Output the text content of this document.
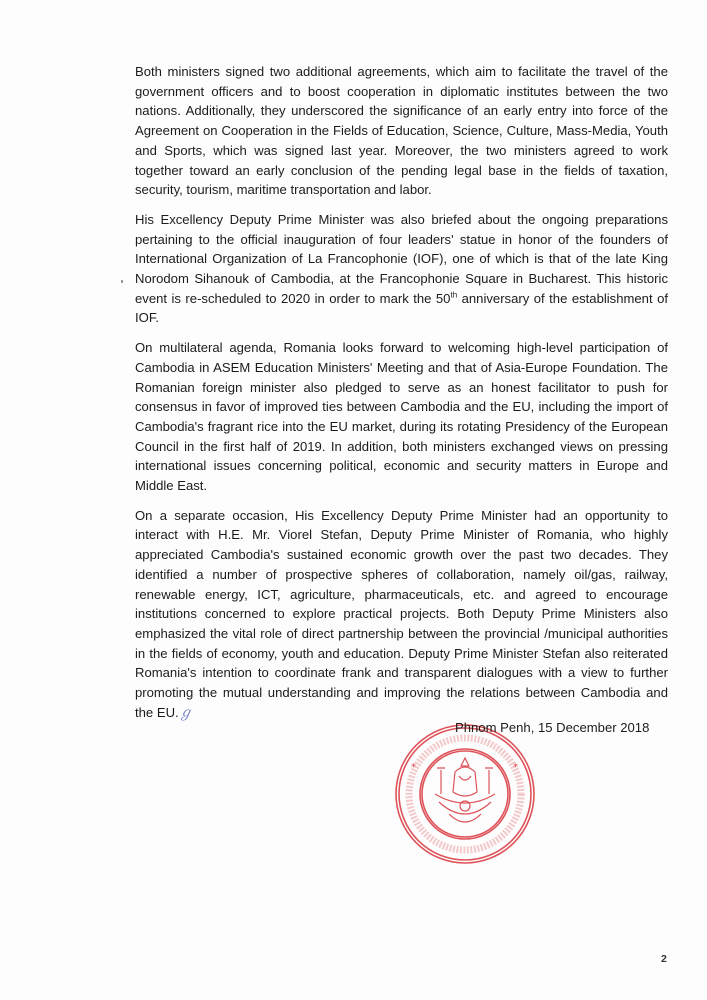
Both ministers signed two additional agreements, which aim to facilitate the travel of the government officers and to boost cooperation in diplomatic institutes between the two nations. Additionally, they underscored the significance of an early entry into force of the Agreement on Cooperation in the Fields of Education, Science, Culture, Mass-Media, Youth and Sports, which was signed last year. Moreover, the two ministers agreed to work together toward an early conclusion of the pending legal base in the fields of taxation, security, tourism, maritime transportation and labor.

His Excellency Deputy Prime Minister was also briefed about the ongoing preparations pertaining to the official inauguration of four leaders' statue in honor of the founders of International Organization of La Francophonie (IOF), one of which is that of the late King Norodom Sihanouk of Cambodia, at the Francophonie Square in Bucharest. This historic event is re-scheduled to 2020 in order to mark the 50th anniversary of the establishment of IOF.

On multilateral agenda, Romania looks forward to welcoming high-level participation of Cambodia in ASEM Education Ministers' Meeting and that of Asia-Europe Foundation. The Romanian foreign minister also pledged to serve as an honest facilitator to push for consensus in favor of improved ties between Cambodia and the EU, including the import of Cambodia's fragrant rice into the EU market, during its rotating Presidency of the European Council in the first half of 2019. In addition, both ministers exchanged views on pressing international issues concerning political, economic and security matters in Europe and Middle East.

On a separate occasion, His Excellency Deputy Prime Minister had an opportunity to interact with H.E. Mr. Viorel Stefan, Deputy Prime Minister of Romania, who highly appreciated Cambodia's sustained economic growth over the past two decades. They identified a number of prospective spheres of collaboration, namely oil/gas, railway, renewable energy, ICT, agriculture, pharmaceuticals, etc. and agreed to encourage institutions concerned to explore practical projects. Both Deputy Prime Ministers also emphasized the vital role of direct partnership between the provincial /municipal authorities in the fields of economy, youth and education. Deputy Prime Minister Stefan also reiterated Romania's intention to coordinate frank and transparent dialogues with a view to further promoting the mutual understanding and improving the relations between Cambodia and the EU.ℊ

Phnom Penh, 15 December 2018
*	*
2
